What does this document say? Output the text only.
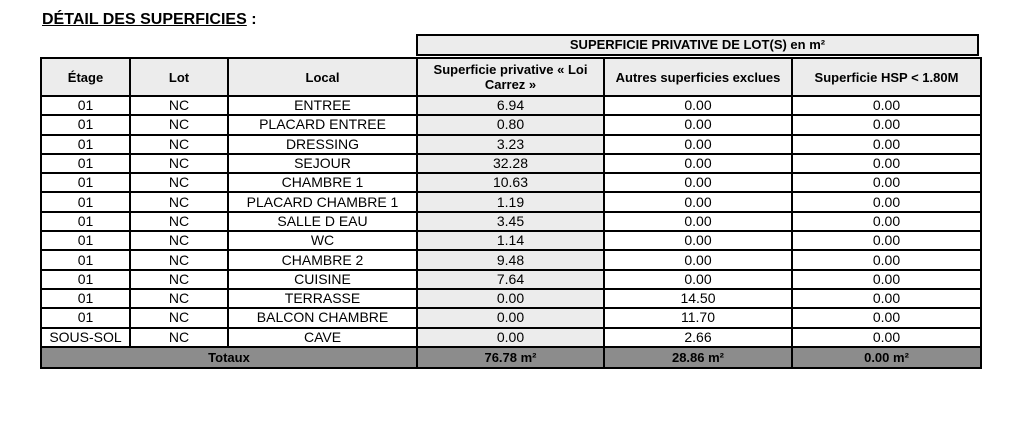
DÉTAIL DES SUPERFICIES :
SUPERFICIE PRIVATIVE DE LOT(S) en m²
Étage	Lot	Local	Superficie privative « Loi Carrez »	Autres superficies exclues	Superficie HSP < 1.80M
01	NC	ENTREE	6.94	0.00	0.00
01	NC	PLACARD ENTREE	0.80	0.00	0.00
01	NC	DRESSING	3.23	0.00	0.00
01	NC	SEJOUR	32.28	0.00	0.00
01	NC	CHAMBRE 1	10.63	0.00	0.00
01	NC	PLACARD CHAMBRE 1	1.19	0.00	0.00
01	NC	SALLE D EAU	3.45	0.00	0.00
01	NC	WC	1.14	0.00	0.00
01	NC	CHAMBRE 2	9.48	0.00	0.00
01	NC	CUISINE	7.64	0.00	0.00
01	NC	TERRASSE	0.00	14.50	0.00
01	NC	BALCON CHAMBRE	0.00	11.70	0.00
SOUS-SOL	NC	CAVE	0.00	2.66	0.00
Totaux			76.78 m²	28.86 m²	0.00 m²
